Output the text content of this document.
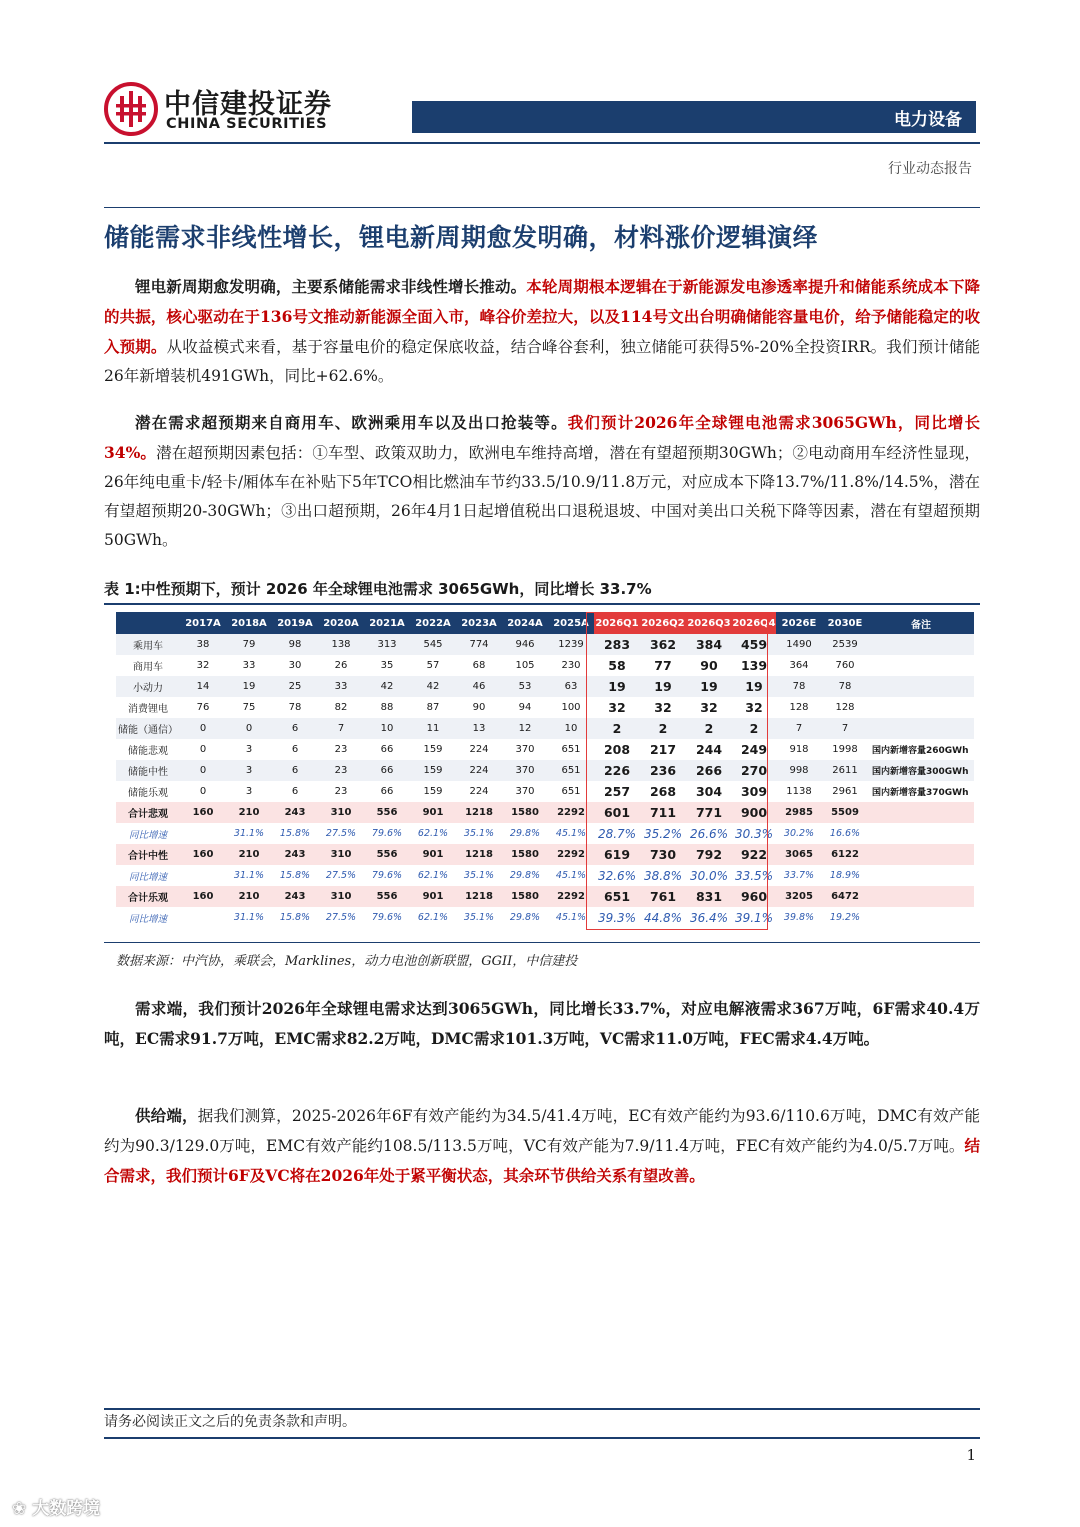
中信建投证券
CHINA SECURITIES	电力设备
行业动态报告
储能需求非线性增长，锂电新周期愈发明确，材料涨价逻辑演绎
锂电新周期愈发明确，主要系储能需求非线性增长推动。本轮周期根本逻辑在于新能源发电渗透率提升和储能系统成本下降的共振，核心驱动在于136号文推动新能源全面入市，峰谷价差拉大，以及114号文出台明确储能容量电价，给予储能稳定的收入预期。从收益模式来看，基于容量电价的稳定保底收益，结合峰谷套利，独立储能可获得5%-20%全投资IRR。我们预计储能26年新增装机491GWh，同比+62.6%。
潜在需求超预期来自商用车、欧洲乘用车以及出口抢装等。我们预计2026年全球锂电池需求3065GWh，同比增长34%。潜在超预期因素包括：①车型、政策双助力，欧洲电车维持高增，潜在有望超预期30GWh；②电动商用车经济性显现，26年纯电重卡/轻卡/厢体车在补贴下5年TCO相比燃油车节约33.5/10.9/11.8万元，对应成本下降13.7%/11.8%/14.5%，潜在有望超预期20-30GWh；③出口超预期，26年4月1日起增值税出口退税退坡、中国对美出口关税下降等因素，潜在有望超预期50GWh。
表 1:中性预期下，预计 2026 年全球锂电池需求 3065GWh，同比增长 33.7%
	2017A	2018A	2019A	2020A	2021A	2022A	2023A	2024A	2025A	2026Q1	2026Q2	2026Q3	2026Q4	2026E	2030E	备注
乘用车	38	79	98	138	313	545	774	946	1239	283	362	384	459	1490	2539	
商用车	32	33	30	26	35	57	68	105	230	58	77	90	139	364	760	
小动力	14	19	25	33	42	42	46	53	63	19	19	19	19	78	78	
消费锂电	76	75	78	82	88	87	90	94	100	32	32	32	32	128	128	
储能（通信）	0	0	6	7	10	11	13	12	10	2	2	2	2	7	7	
储能悲观	0	3	6	23	66	159	224	370	651	208	217	244	249	918	1998	国内新增容量260GWh
储能中性	0	3	6	23	66	159	224	370	651	226	236	266	270	998	2611	国内新增容量300GWh
储能乐观	0	3	6	23	66	159	224	370	651	257	268	304	309	1138	2961	国内新增容量370GWh
合计悲观	160	210	243	310	556	901	1218	1580	2292	601	711	771	900	2985	5509	
同比增速		31.1%	15.8%	27.5%	79.6%	62.1%	35.1%	29.8%	45.1%	28.7%	35.2%	26.6%	30.3%	30.2%	16.6%	
合计中性	160	210	243	310	556	901	1218	1580	2292	619	730	792	922	3065	6122	
同比增速		31.1%	15.8%	27.5%	79.6%	62.1%	35.1%	29.8%	45.1%	32.6%	38.8%	30.0%	33.5%	33.7%	18.9%	
合计乐观	160	210	243	310	556	901	1218	1580	2292	651	761	831	960	3205	6472	
同比增速		31.1%	15.8%	27.5%	79.6%	62.1%	35.1%	29.8%	45.1%	39.3%	44.8%	36.4%	39.1%	39.8%	19.2%	
数据来源：中汽协，乘联会，Marklines，动力电池创新联盟，GGII，中信建投
需求端，我们预计2026年全球锂电需求达到3065GWh，同比增长33.7%，对应电解液需求367万吨，6F需求40.4万吨，EC需求91.7万吨，EMC需求82.2万吨，DMC需求101.3万吨，VC需求11.0万吨，FEC需求4.4万吨。
供给端，据我们测算，2025-2026年6F有效产能约为34.5/41.4万吨，EC有效产能约为93.6/110.6万吨，DMC有效产能约为90.3/129.0万吨，EMC有效产能约108.5/113.5万吨，VC有效产能为7.9/11.4万吨，FEC有效产能约为4.0/5.7万吨。结合需求，我们预计6F及VC将在2026年处于紧平衡状态，其余环节供给关系有望改善。
请务必阅读正文之后的免责条款和声明。
1
❀ 大数跨境
